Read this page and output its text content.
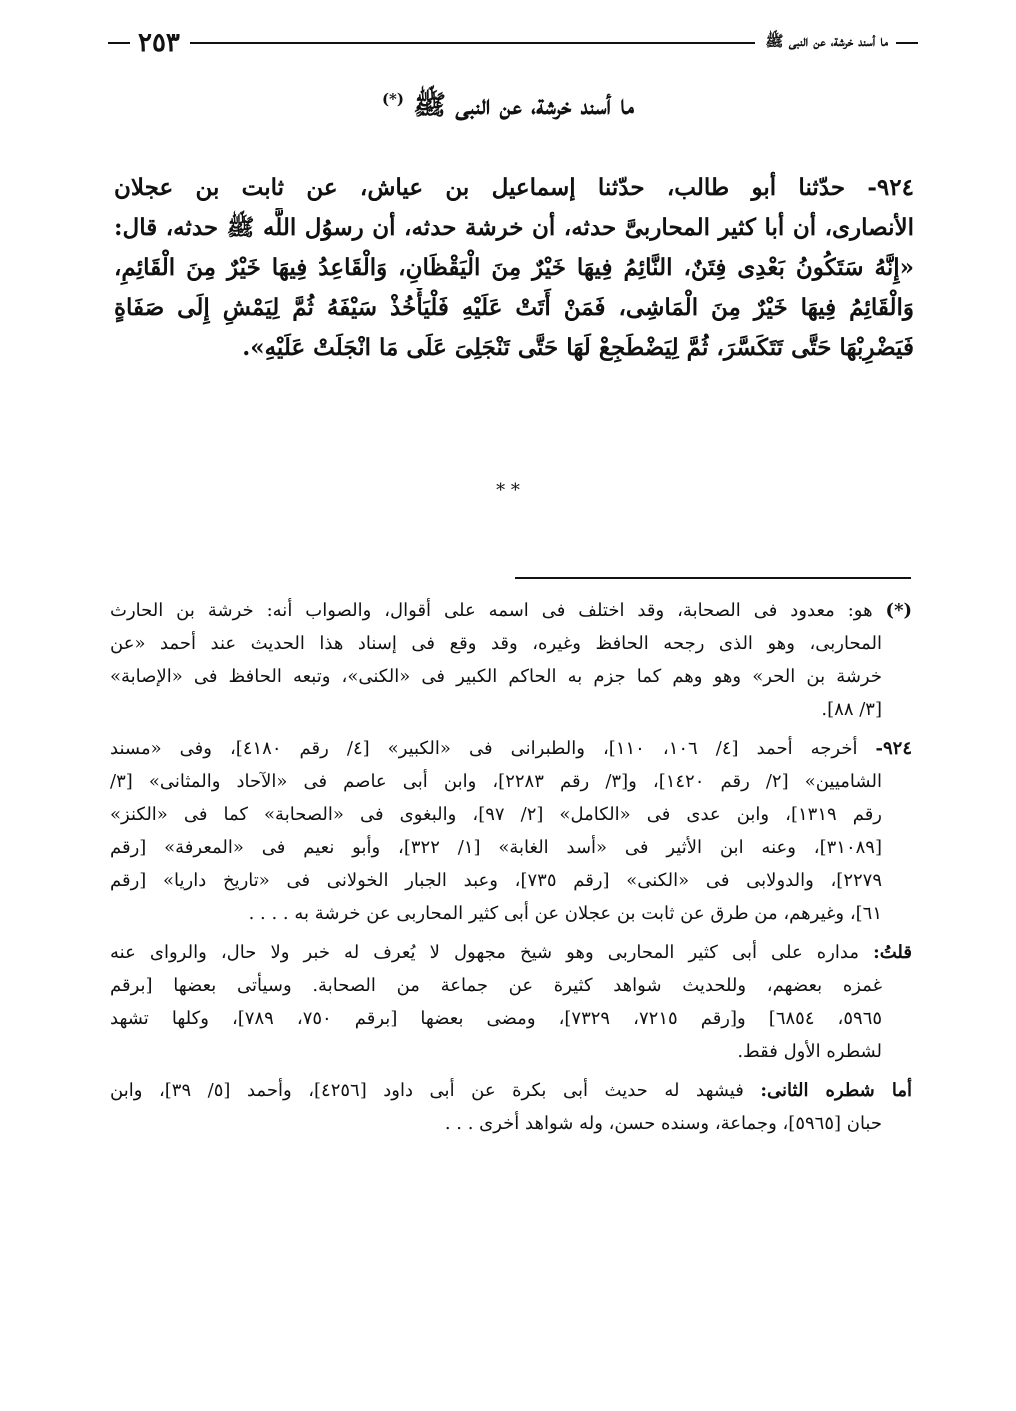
ما أسند خرشة، عن النبى ﷺ
٢٥٣
ما أسند خرشة، عن النبى ﷺ (*)
٩٢٤- حدّثنا أبو طالب، حدّثنا إسماعيل بن عياش، عن ثابت بن عجلان
الأنصارى، أن أبا كثير المحاربىَّ حدثه، أن خرشة حدثه، أن رسوُل اللَّه ﷺ حدثه، قال:
«إِنَّهُ سَتَكُونُ بَعْدِى فِتَنٌ، النَّائِمُ فِيهَا خَيْرٌ مِنَ الْيَقْظَانِ، وَالْقَاعِدُ فِيهَا خَيْرٌ مِنَ الْقَائِمِ،
وَالْقَائِمُ فِيهَا خَيْرٌ مِنَ الْمَاشِى، فَمَنْ أَتَتْ عَلَيْهِ فَلْيَأْخُذْ سَيْفَهُ ثُمَّ لِيَمْشِ إِلَى صَفَاةٍ
فَيَضْرِبْهَا حَتَّى تَتَكَسَّرَ، ثُمَّ لِيَضْطَجِعْ لَهَا حَتَّى تَنْجَلِىَ عَلَى مَا انْجَلَتْ عَلَيْهِ».
* *
(*) هو: معدود فى الصحابة، وقد اختلف فى اسمه على أقوال، والصواب أنه: خرشة بن الحارث
المحاربى، وهو الذى رجحه الحافظ وغيره، وقد وقع فى إسناد هذا الحديث عند أحمد «عن
خرشة بن الحر» وهو وهم كما جزم به الحاكم الكبير فى «الكنى»، وتبعه الحافظ فى «الإصابة»
[٣/ ٨٨].
٩٢٤- أخرجه أحمد [٤/ ١٠٦، ١١٠]، والطبرانى فى «الكبير» [٤/ رقم ٤١٨٠]، وفى «مسند
الشاميين» [٢/ رقم ١٤٢٠]، و[٣/ رقم ٢٢٨٣]، وابن أبى عاصم فى «الآحاد والمثانى» [٣/
رقم ١٣١٩]، وابن عدى فى «الكامل» [٢/ ٩٧]، والبغوى فى «الصحابة» كما فى «الكنز»
[٣١٠٨٩]، وعنه ابن الأثير فى «أسد الغابة» [١/ ٣٢٢]، وأبو نعيم فى «المعرفة» [رقم
٢٢٧٩]، والدولابى فى «الكنى» [رقم ٧٣٥]، وعبد الجبار الخولانى فى «تاريخ داريا» [رقم
٦١]، وغيرهم، من طرق عن ثابت بن عجلان عن أبى كثير المحاربى عن خرشة به . . . .
قلتُ: مداره على أبى كثير المحاربى وهو شيخ مجهول لا يُعرف له خبر ولا حال، والرواى عنه
غمزه بعضهم، وللحديث شواهد كثيرة عن جماعة من الصحابة. وسيأتى بعضها [برقم
٥٩٦٥، ٦٨٥٤] و[رقم ٧٢١٥، ٧٣٢٩]، ومضى بعضها [برقم ٧٥٠، ٧٨٩]، وكلها تشهد
لشطره الأول فقط.
أما شطره الثانى: فيشهد له حديث أبى بكرة عن أبى داود [٤٢٥٦]، وأحمد [٥/ ٣٩]، وابن
حبان [٥٩٦٥]، وجماعة، وسنده حسن، وله شواهد أخرى . . .
